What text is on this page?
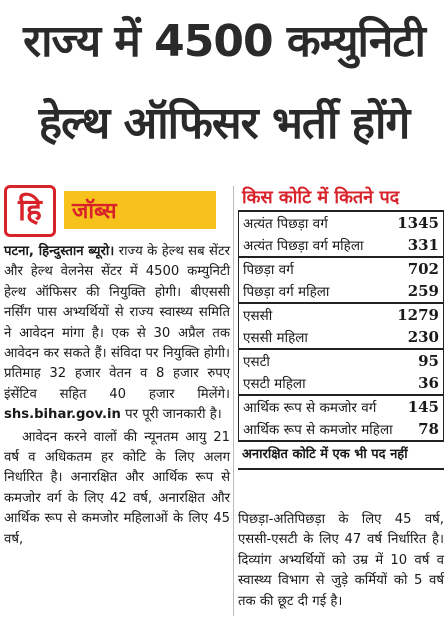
राज्य में 4500 कम्युनिटी
हेल्थ ऑफिसर भर्ती होंगे
हि जॉब्स

पटना, हिन्दुस्तान ब्यूरो। राज्य के हेल्थ सब सेंटर और हेल्थ वेलनेस सेंटर में 4500 कम्युनिटी हेल्थ ऑफिसर की नियुक्ति होगी। बीएससी नर्सिंग पास अभ्यर्थियों से राज्य स्वास्थ्य समिति ने आवेदन मांगा है। एक से 30 अप्रैल तक आवेदन कर सकते हैं। संविदा पर नियुक्ति होगी। प्रतिमाह 32 हजार वेतन व 8 हजार रुपए इंसेंटिव सहित 40 हजार मिलेंगे। shs.bihar.gov.in पर पूरी जानकारी है।

आवेदन करने वालों की न्यूनतम आयु 21 वर्ष व अधिकतम हर कोटि के लिए अलग निर्धारित है। अनारक्षित और आर्थिक रूप से कमजोर वर्ग के लिए 42 वर्ष, अनारक्षित और आर्थिक रूप से कमजोर महिलाओं के लिए 45 वर्ष,

किस कोटि में कितने पद
अत्यंत पिछड़ा वर्ग	1345
अत्यंत पिछड़ा वर्ग महिला	331
पिछड़ा वर्ग	702
पिछड़ा वर्ग महिला	259
एससी	1279
एससी महिला	230
एसटी	95
एसटी महिला	36
आर्थिक रूप से कमजोर वर्ग 145
आर्थिक रूप से कमजोर महिला 78
अनारक्षित कोटि में एक भी पद नहीं
पिछड़ा-अतिपिछड़ा के लिए 45 वर्ष, एससी-एसटी के लिए 47 वर्ष निर्धारित है। दिव्यांग अभ्यर्थियों को उम्र में 10 वर्ष व स्वास्थ्य विभाग से जुड़े कर्मियों को 5 वर्ष तक की छूट दी गई है।
